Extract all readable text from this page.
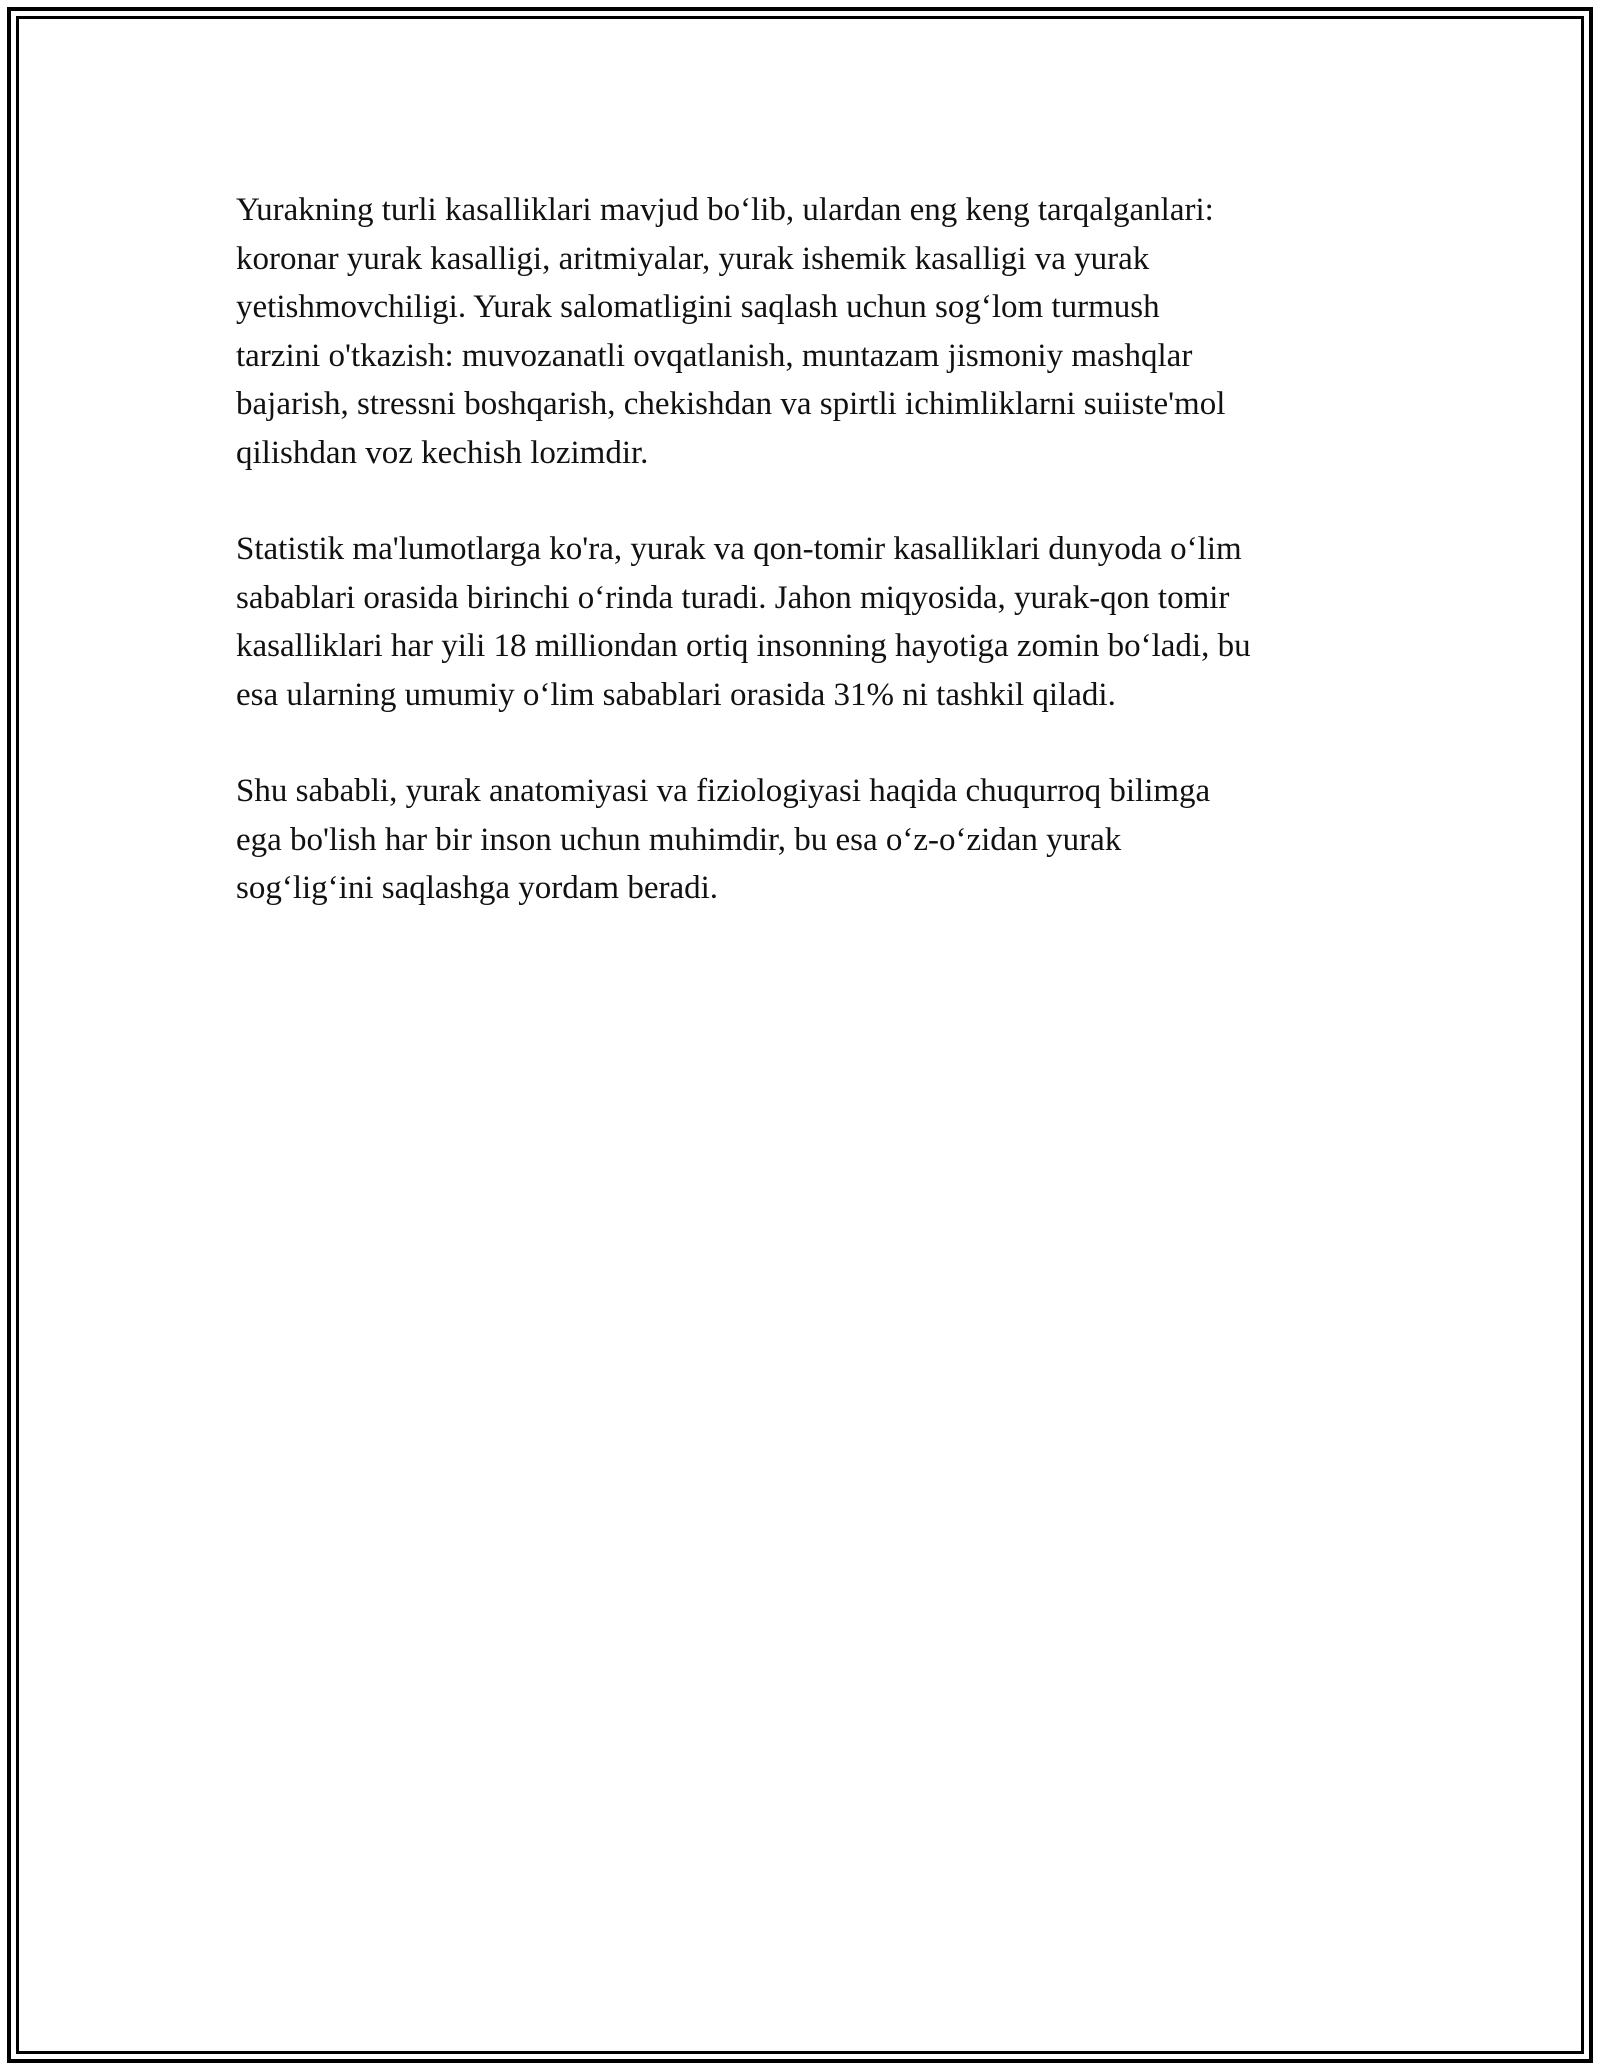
Yurakning turli kasalliklari mavjud bo‘lib, ulardan eng keng tarqalganlari:
koronar yurak kasalligi, aritmiyalar, yurak ishemik kasalligi va yurak
yetishmovchiligi. Yurak salomatligini saqlash uchun sog‘lom turmush
tarzini o'tkazish: muvozanatli ovqatlanish, muntazam jismoniy mashqlar
bajarish, stressni boshqarish, chekishdan va spirtli ichimliklarni suiiste'mol
qilishdan voz kechish lozimdir.

Statistik ma'lumotlarga ko'ra, yurak va qon-tomir kasalliklari dunyoda o‘lim
sabablari orasida birinchi o‘rinda turadi. Jahon miqyosida, yurak-qon tomir
kasalliklari har yili 18 milliondan ortiq insonning hayotiga zomin bo‘ladi, bu
esa ularning umumiy o‘lim sabablari orasida 31% ni tashkil qiladi.

Shu sababli, yurak anatomiyasi va fiziologiyasi haqida chuqurroq bilimga
ega bo'lish har bir inson uchun muhimdir, bu esa o‘z-o‘zidan yurak
sog‘lig‘ini saqlashga yordam beradi.
